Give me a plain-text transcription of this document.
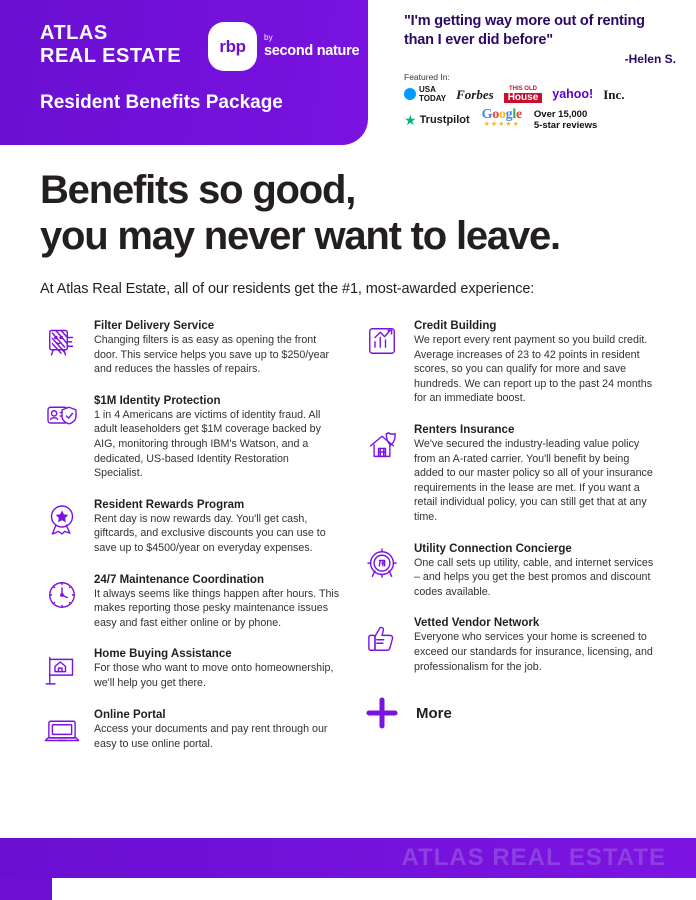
ATLAS
REAL ESTATE rbp by
second nature
Resident Benefits Package
"I'm getting way more out of renting than I ever did before"
-Helen S.
Featured In:
USA
TODAY Forbes	THIS OLD
House	yahoo! Inc.
★ Trustpilot Google
★★★★★
Over 15,000
5-star reviews
Benefits so good,
you may never want to leave.
At Atlas Real Estate, all of our residents get the #1, most-awarded experience:
Filter Delivery Service
Changing filters is as easy as opening the front door. This service helps you save up to $250/year and reduces the hassles of repairs.
$1M Identity Protection
1 in 4 Americans are victims of identity fraud. All adult leaseholders get $1M coverage backed by AIG, monitoring through IBM's Watson, and a dedicated, US-based Identity Restoration Specialist.
Resident Rewards Program
Rent day is now rewards day. You'll get cash, giftcards, and exclusive discounts you can use to save up to $4500/year on everyday expenses.
24/7 Maintenance Coordination
It always seems like things happen after hours. This makes reporting those pesky maintenance issues easy and fast either online or by phone.
Home Buying Assistance
For those who want to move onto homeownership, we'll help you get there.
Online Portal
Access your documents and pay rent through our easy to use online portal.
Credit Building
We report every rent payment so you build credit. Average increases of 23 to 42 points in resident scores, so you can qualify for more and save hundreds. We can report up to the past 24 months for an immediate boost.
Renters Insurance
We've secured the industry-leading value policy from an A-rated carrier. You'll benefit by being added to our master policy so all of your insurance requirements in the lease are met. If you want a retail individual policy, you can still get that at any time.
Utility Connection Concierge
One call sets up utility, cable, and internet services – and helps you get the best promos and discount codes available.
Vetted Vendor Network
Everyone who services your home is screened to exceed our standards for insurance, licensing, and professionalism for the job.
More
ATLAS REAL ESTATE
